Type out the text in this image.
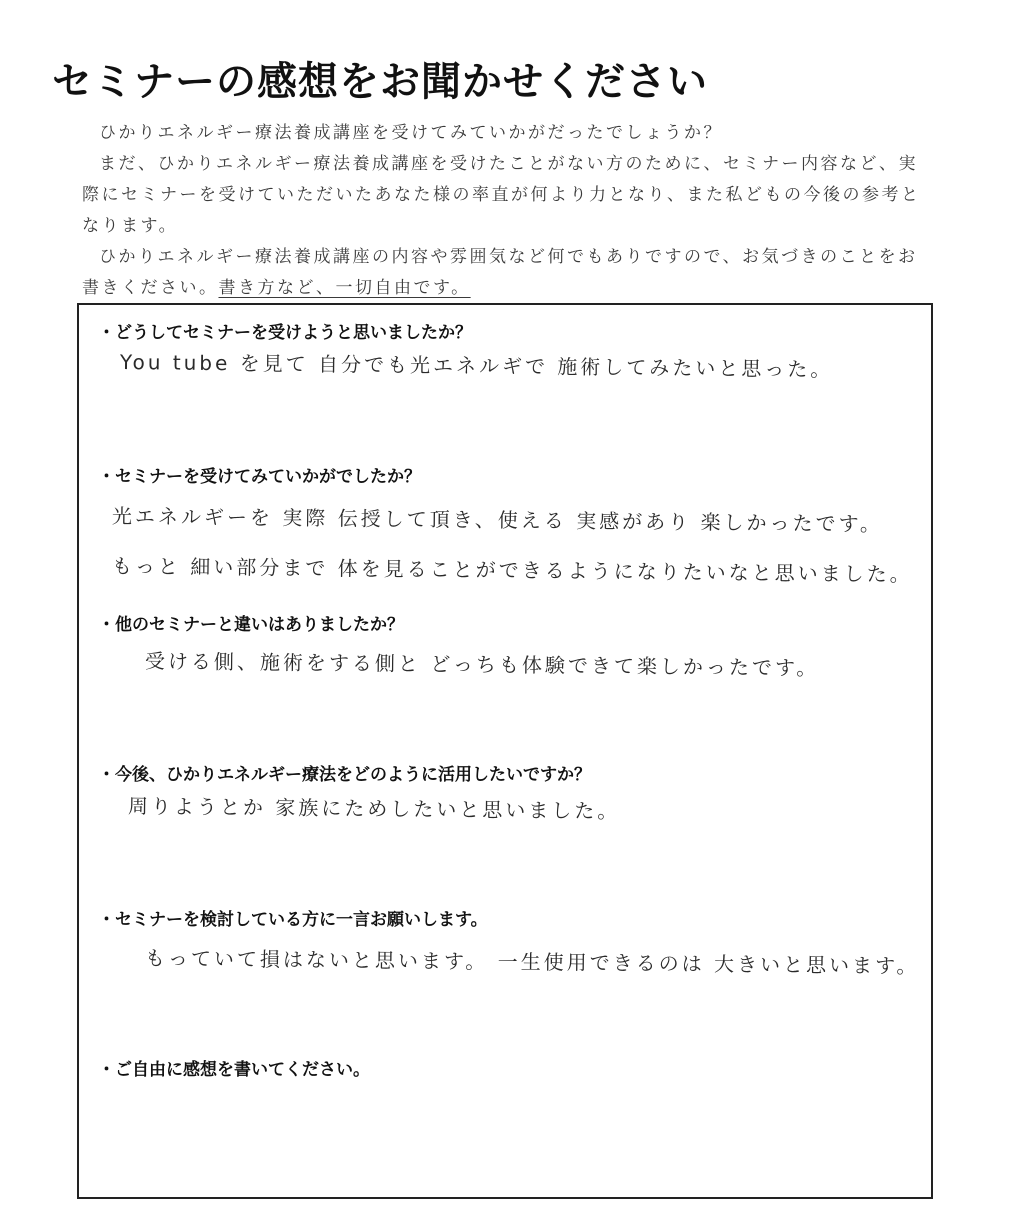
セミナーの感想をお聞かせください

ひかりエネルギー療法養成講座を受けてみていかがだったでしょうか？

まだ、ひかりエネルギー療法養成講座を受けたことがない方のために、セミナー内容など、実際にセミナーを受けていただいたあなた様の率直が何より力となり、また私どもの今後の参考となります。

ひかりエネルギー療法養成講座の内容や雰囲気など何でもありですので、お気づきのことをお書きください。書き方など、一切自由です。

・どうしてセミナーを受けようと思いましたか？
You tube を見て 自分でも光エネルギで 施術してみたいと思った。
・セミナーを受けてみていかがでしたか？
光エネルギーを 実際 伝授して頂き、使える 実感があり 楽しかったです。
もっと 細い部分まで 体を見ることができるようになりたいなと思いました。
・他のセミナーと違いはありましたか？
受ける側、施術をする側と どっちも体験できて楽しかったです。
・今後、ひかりエネルギー療法をどのように活用したいですか？
周りようとか 家族にためしたいと思いました。
・セミナーを検討している方に一言お願いします。
もっていて損はないと思います。 一生使用できるのは 大きいと思います。
・ご自由に感想を書いてください。
